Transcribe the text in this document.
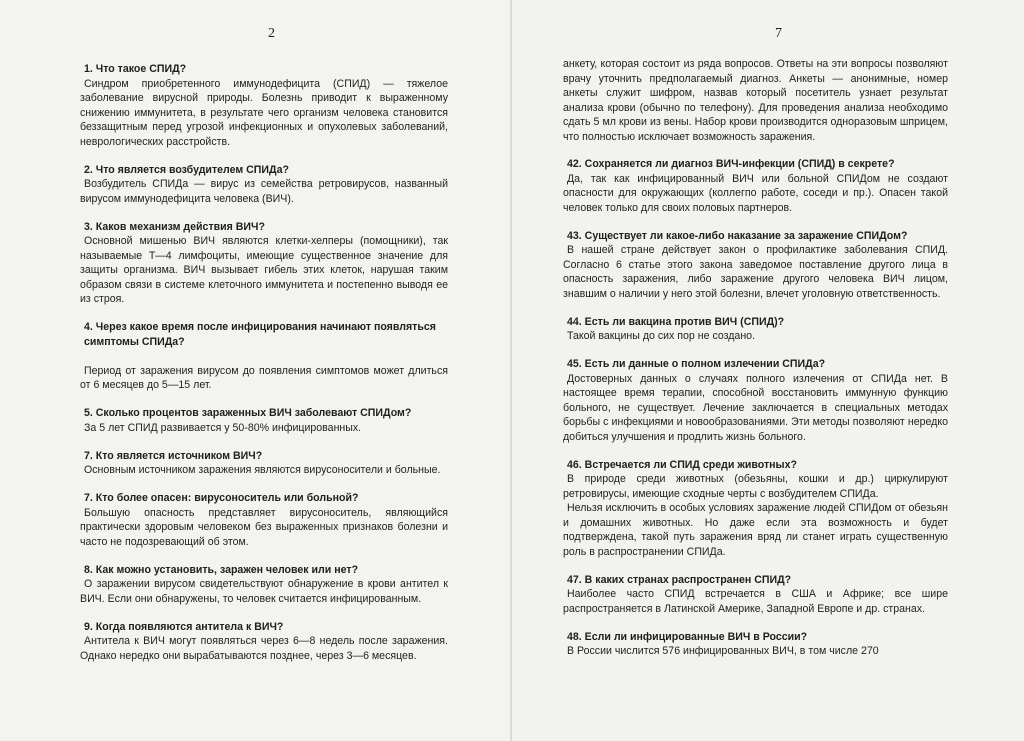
2

1. Что такое СПИД?

Синдром приобретенного иммунодефицита (СПИД) — тяжелое заболевание вирусной природы. Болезнь приводит к выраженному снижению иммунитета, в результате чего организм человека становится беззащитным перед угрозой инфекционных и опухолевых заболеваний, неврологических расстройств.

2. Что является возбудителем СПИДа?

Возбудитель СПИДа — вирус из семейства ретровирусов, названный вирусом иммунодефицита человека (ВИЧ).

3. Каков механизм действия ВИЧ?

Основной мишенью ВИЧ являются клетки-хелперы (помощники), так называемые Т—4 лимфоциты, имеющие существенное значение для защиты организма. ВИЧ вызывает гибель этих клеток, нарушая таким образом связи в системе клеточного иммунитета и постепенно выводя ее из строя.

4. Через какое время после инфицирования начинают появляться симптомы СПИДа?

Период от заражения вирусом до появления симптомов может длиться от 6 месяцев до 5—15 лет.

5. Сколько процентов зараженных ВИЧ заболевают СПИДом?

За 5 лет СПИД развивается у 50-80% инфицированных.

7. Кто является источником ВИЧ?

Основным источником заражения являются вирусоносители и больные.

7. Кто более опасен: вирусоноситель или больной?

Большую опасность представляет вирусоноситель, являющийся практически здоровым человеком без выраженных признаков болезни и часто не подозревающий об этом.

8. Как можно установить, заражен человек или нет?

О заражении вирусом свидетельствуют обнаружение в крови антител к ВИЧ. Если они обнаружены, то человек считается инфицированным.

9. Когда появляются антитела к ВИЧ?

Антитела к ВИЧ могут появляться через 6—8 недель после заражения. Однако нередко они вырабатываются позднее, через 3—6 месяцев.

7

анкету, которая состоит из ряда вопросов. Ответы на эти вопросы позволяют врачу уточнить предполагаемый диагноз. Анкеты — анонимные, номер анкеты служит шифром, назвав который посетитель узнает результат анализа крови (обычно по телефону). Для проведения анализа необходимо сдать 5 мл крови из вены. Набор крови производится одноразовым шприцем, что полностью исключает возможность заражения.

42. Сохраняется ли диагноз ВИЧ-инфекции (СПИД) в секрете?

Да, так как инфицированный ВИЧ или больной СПИДом не создают опасности для окружающих (коллегпо работе, соседи и пр.). Опасен такой человек только для своих половых партнеров.

43. Существует ли какое-либо наказание за заражение СПИДом?

В нашей стране действует закон о профилактике заболевания СПИД. Согласно 6 статье этого закона заведомое поставление другого лица в опасность заражения, либо заражение другого человека ВИЧ лицом, знавшим о наличии у него этой болезни, влечет уголовную ответственность.

44. Есть ли вакцина против ВИЧ (СПИД)?

Такой вакцины до сих пор не создано.

45. Есть ли данные о полном излечении СПИДа?

Достоверных данных о случаях полного излечения от СПИДа нет. В настоящее время терапии, способной восстановить иммунную функцию больного, не существует. Лечение заключается в специальных методах борьбы с инфекциями и новообразованиями. Эти методы позволяют нередко добиться улучшения и продлить жизнь больного.

46. Встречается ли СПИД среди животных?

В природе среди животных (обезьяны, кошки и др.) циркулируют ретровирусы, имеющие сходные черты с возбудителем СПИДа.

Нельзя исключить в особых условиях заражение людей СПИДом от обезьян и домашних животных. Но даже если эта возможность и будет подтверждена, такой путь заражения вряд ли станет играть существенную роль в распространении СПИДа.

47. В каких странах распространен СПИД?

Наиболее часто СПИД встречается в США и Африке; все шире распространяется в Латинской Америке, Западной Европе и др. странах.

48. Если ли инфицированные ВИЧ в России?

В России числится 576 инфицированных ВИЧ, в том числе 270
